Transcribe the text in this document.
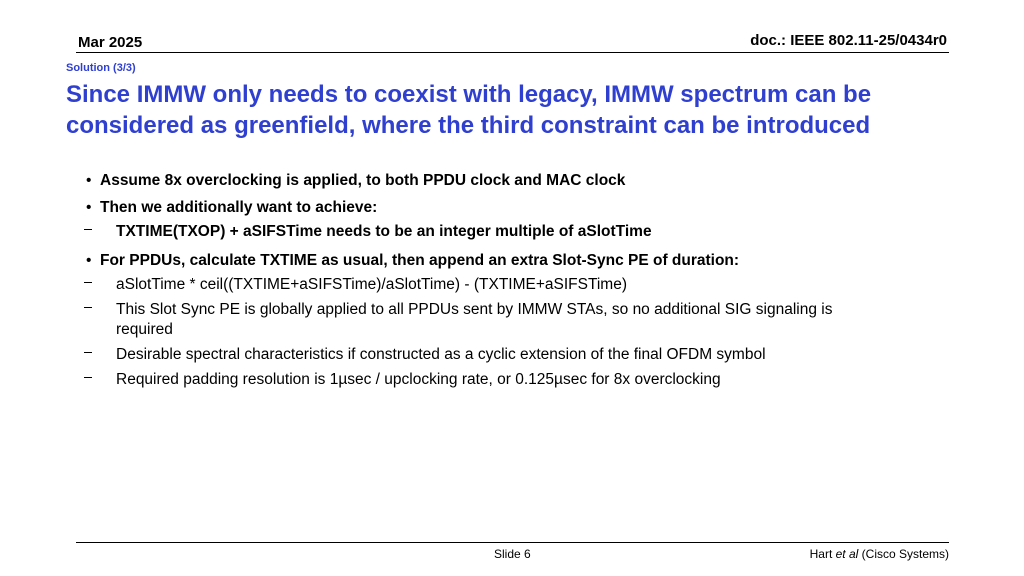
Mar 2025	doc.: IEEE 802.11-25/0434r0
Solution (3/3)
Since IMMW only needs to coexist with legacy, IMMW spectrum can be
considered as greenfield, where the third constraint can be introduced
• Assume 8x overclocking is applied, to both PPDU clock and MAC clock
• Then we additionally want to achieve:
TXTIME(TXOP) + aSIFSTime needs to be an integer multiple of aSlotTime
• For PPDUs, calculate TXTIME as usual, then append an extra Slot-Sync PE of duration:
aSlotTime * ceil((TXTIME+aSIFSTime)/aSlotTime) - (TXTIME+aSIFSTime)
This Slot Sync PE is globally applied to all PPDUs sent by IMMW STAs, so no additional SIG signaling is
required
Desirable spectral characteristics if constructed as a cyclic extension of the final OFDM symbol
Required padding resolution is 1µsec / upclocking rate, or 0.125µsec for 8x overclocking
Slide 6	Hart et al (Cisco Systems)
